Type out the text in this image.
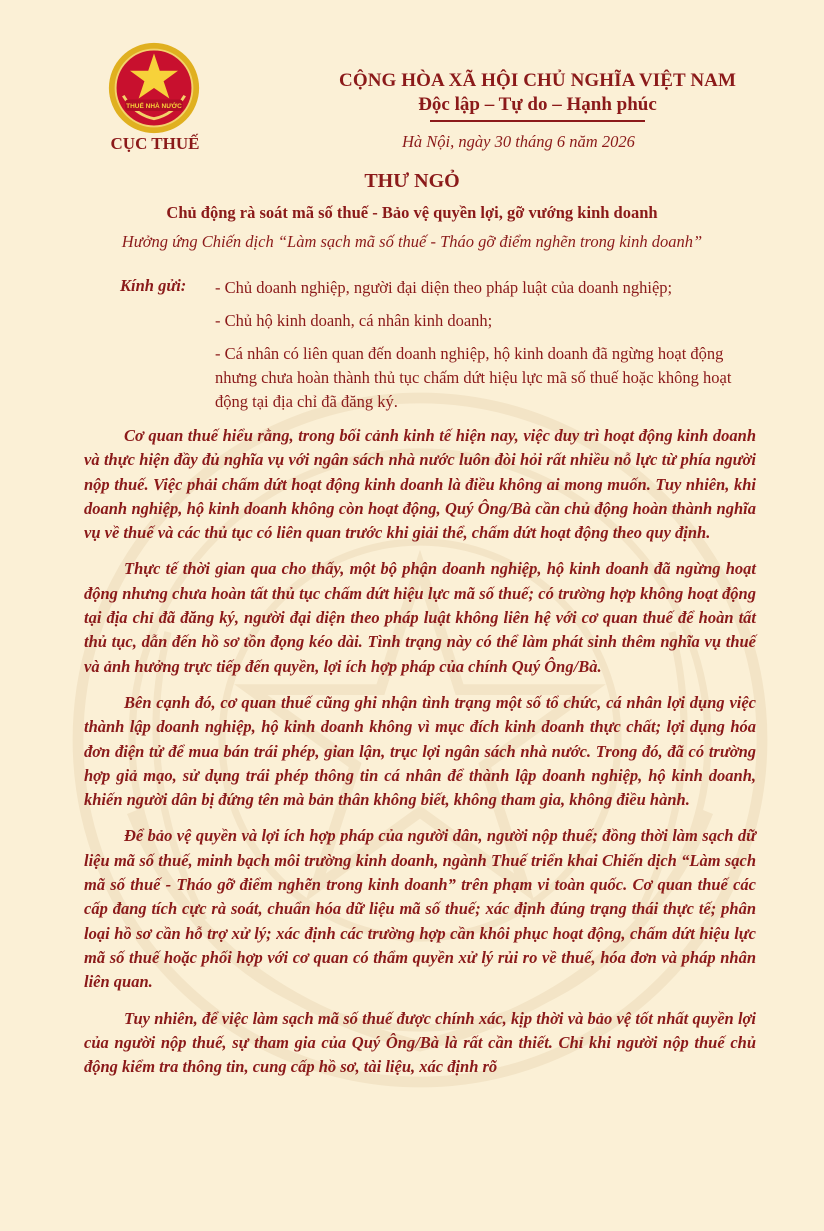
THUẾ NHÀ NƯỚC
CỤC THUẾ
CỘNG HÒA XÃ HỘI CHỦ NGHĨA VIỆT NAM
Độc lập – Tự do – Hạnh phúc
Hà Nội, ngày 30 tháng 6 năm 2026
THƯ NGỎ
Chủ động rà soát mã số thuế - Bảo vệ quyền lợi, gỡ vướng kinh doanh
Hưởng ứng Chiến dịch “Làm sạch mã số thuế - Tháo gỡ điểm nghẽn trong kinh doanh”
Kính gửi: - Chủ doanh nghiệp, người đại diện theo pháp luật của doanh nghiệp;
- Chủ hộ kinh doanh, cá nhân kinh doanh;
- Cá nhân có liên quan đến doanh nghiệp, hộ kinh doanh đã ngừng hoạt động nhưng chưa hoàn thành thủ tục chấm dứt hiệu lực mã số thuế hoặc không hoạt động tại địa chỉ đã đăng ký.

Cơ quan thuế hiểu rằng, trong bối cảnh kinh tế hiện nay, việc duy trì hoạt động kinh doanh và thực hiện đầy đủ nghĩa vụ với ngân sách nhà nước luôn đòi hỏi rất nhiều nỗ lực từ phía người nộp thuế. Việc phải chấm dứt hoạt động kinh doanh là điều không ai mong muốn. Tuy nhiên, khi doanh nghiệp, hộ kinh doanh không còn hoạt động, Quý Ông/Bà cần chủ động hoàn thành nghĩa vụ về thuế và các thủ tục có liên quan trước khi giải thể, chấm dứt hoạt động theo quy định.

Thực tế thời gian qua cho thấy, một bộ phận doanh nghiệp, hộ kinh doanh đã ngừng hoạt động nhưng chưa hoàn tất thủ tục chấm dứt hiệu lực mã số thuế; có trường hợp không hoạt động tại địa chỉ đã đăng ký, người đại diện theo pháp luật không liên hệ với cơ quan thuế để hoàn tất thủ tục, dẫn đến hồ sơ tồn đọng kéo dài. Tình trạng này có thể làm phát sinh thêm nghĩa vụ thuế và ảnh hưởng trực tiếp đến quyền, lợi ích hợp pháp của chính Quý Ông/Bà.

Bên cạnh đó, cơ quan thuế cũng ghi nhận tình trạng một số tổ chức, cá nhân lợi dụng việc thành lập doanh nghiệp, hộ kinh doanh không vì mục đích kinh doanh thực chất; lợi dụng hóa đơn điện tử để mua bán trái phép, gian lận, trục lợi ngân sách nhà nước. Trong đó, đã có trường hợp giả mạo, sử dụng trái phép thông tin cá nhân để thành lập doanh nghiệp, hộ kinh doanh, khiến người dân bị đứng tên mà bản thân không biết, không tham gia, không điều hành.

Để bảo vệ quyền và lợi ích hợp pháp của người dân, người nộp thuế; đồng thời làm sạch dữ liệu mã số thuế, minh bạch môi trường kinh doanh, ngành Thuế triển khai Chiến dịch “Làm sạch mã số thuế - Tháo gỡ điểm nghẽn trong kinh doanh” trên phạm vi toàn quốc. Cơ quan thuế các cấp đang tích cực rà soát, chuẩn hóa dữ liệu mã số thuế; xác định đúng trạng thái thực tế; phân loại hồ sơ cần hỗ trợ xử lý; xác định các trường hợp cần khôi phục hoạt động, chấm dứt hiệu lực mã số thuế hoặc phối hợp với cơ quan có thẩm quyền xử lý rủi ro về thuế, hóa đơn và pháp nhân liên quan.

Tuy nhiên, để việc làm sạch mã số thuế được chính xác, kịp thời và bảo vệ tốt nhất quyền lợi của người nộp thuế, sự tham gia của Quý Ông/Bà là rất cần thiết. Chỉ khi người nộp thuế chủ động kiểm tra thông tin, cung cấp hồ sơ, tài liệu, xác định rõ
